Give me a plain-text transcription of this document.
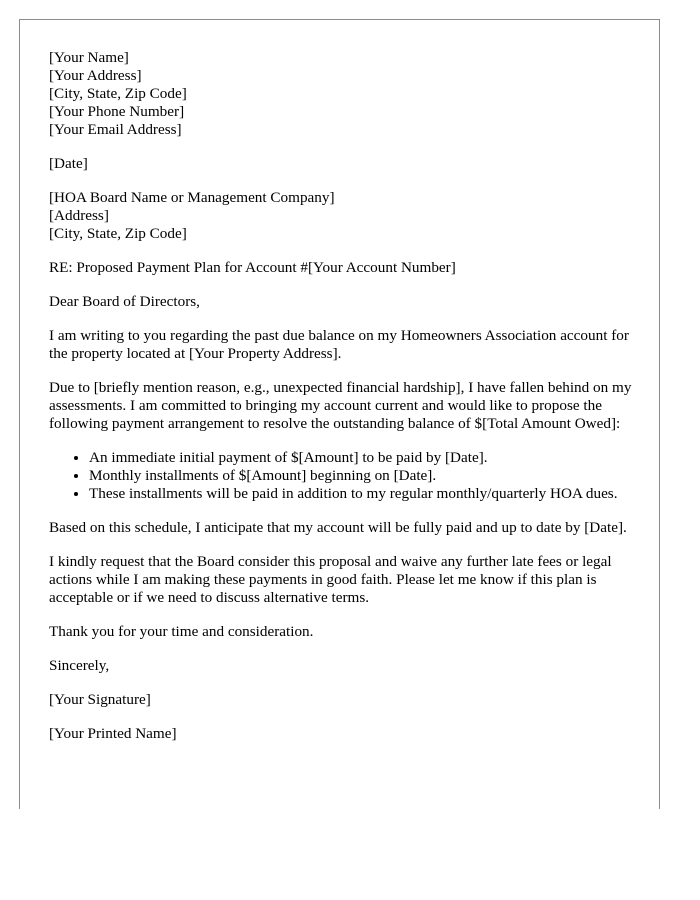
[Your Name]
[Your Address]
[City, State, Zip Code]
[Your Phone Number]
[Your Email Address]

[Date]

[HOA Board Name or Management Company]
[Address]
[City, State, Zip Code]

RE: Proposed Payment Plan for Account #[Your Account Number]

Dear Board of Directors,

I am writing to you regarding the past due balance on my Homeowners Association account for the property located at [Your Property Address].

Due to [briefly mention reason, e.g., unexpected financial hardship], I have fallen behind on my assessments. I am committed to bringing my account current and would like to propose the following payment arrangement to resolve the outstanding balance of $[Total Amount Owed]:

• An immediate initial payment of $[Amount] to be paid by [Date].
• Monthly installments of $[Amount] beginning on [Date].
• These installments will be paid in addition to my regular monthly/quarterly HOA dues.

Based on this schedule, I anticipate that my account will be fully paid and up to date by [Date].

I kindly request that the Board consider this proposal and waive any further late fees or legal actions while I am making these payments in good faith. Please let me know if this plan is acceptable or if we need to discuss alternative terms.

Thank you for your time and consideration.

Sincerely,

[Your Signature]

[Your Printed Name]
